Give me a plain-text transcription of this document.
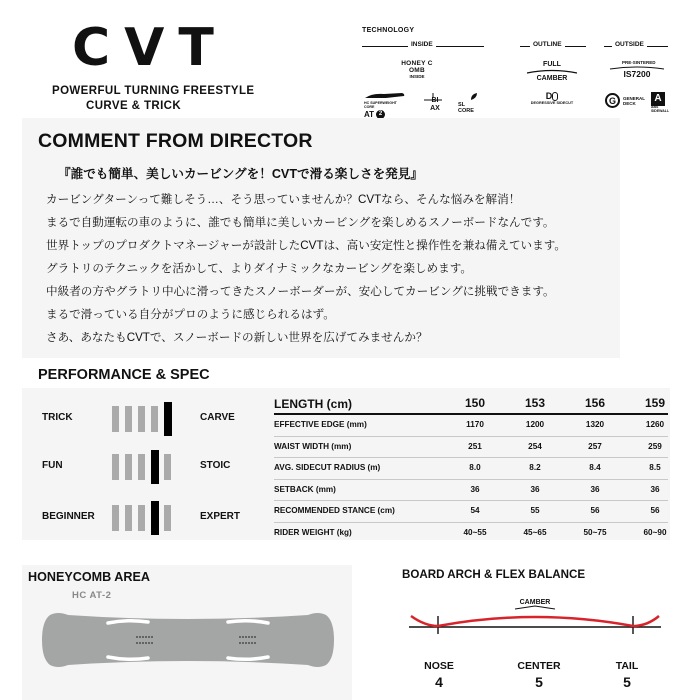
CVT
POWERFUL TURNING FREESTYLE
CURVE & TRICK
TECHNOLOGY
INSIDE	OUTLINE	OUTSIDE
HONEY COMB
INSIDE
HC SUPERWEIGHT CORE
AT 2
BI AX	SL CORE
FULL
CAMBER
D
DEGRESSIVE SIDECUT
PRE-SINTERED
IS7200
G	GENERAL DECK	A
ABS SIDEWALL
COMMENT FROM DIRECTOR
『誰でも簡単、美しいカービングを！CVTで滑る楽しさを発見』
カービングターンって難しそう…、そう思っていませんか？CVTなら、そんな悩みを解消！
まるで自動運転の車のように、誰でも簡単に美しいカービングを楽しめるスノーボードなんです。
世界トップのプロダクトマネージャーが設計したCVTは、高い安定性と操作性を兼ね備えています。
グラトリのテクニックを活かして、よりダイナミックなカービングを楽しめます。
中級者の方やグラトリ中心に滑ってきたスノーボーダーが、安心してカービングに挑戦できます。
まるで滑っている自分がプロのように感じられるはず。
さあ、あなたもCVTで、スノーボードの新しい世界を広げてみませんか？
PERFORMANCE & SPEC
TRICK	CARVE
FUN	STOIC
BEGINNER	EXPERT
LENGTH (cm)	150	153	156	159
EFFECTIVE EDGE (mm)	1170	1200	1320	1260
WAIST WIDTH (mm)	251	254	257	259
AVG. SIDECUT RADIUS (m)	8.0	8.2	8.4	8.5
SETBACK (mm)	36	36	36	36
RECOMMENDED STANCE (cm)	54	55	56	56
RIDER WEIGHT (kg)	40~55	45~65	50~75	60~90
HONEYCOMB AREA
HC AT-2
BOARD ARCH & FLEX BALANCE
CAMBER
NOSE
4
CENTER
5
TAIL
5
